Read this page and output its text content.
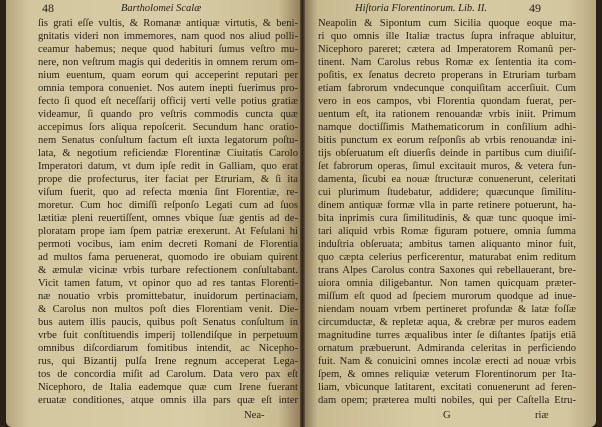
48	Bartholomei Scalæ
ſis grati eſſe vultis, & Romanæ antiquæ virtutis, & beni-
gnitatis videri non immemores, nam quod nos aliud polli-
ceamur habemus; neque quod habituri ſumus veſtro mu-
nere, non veſtrum magis qui dederitis in omnem rerum om-
nium euentum, quam eorum qui acceperint reputari per
omnia tempora conueniet. Nos autem inepti fuerimus pro-
fecto ſi quod eſt neceſſarij officij verti velle potius gratiæ
videamur, ſi quando pro veſtris commodis cuncta quæ
accepimus ſors aliqua repoſcerit. Secundum hanc oratio-
nem Senatus conſultum factum eſt iuxta legatorum poſtu-
lata, & negotium reficiendæ Florentinæ Ciuitatis Carolo
Imperatori datum, vt dum ipſe redit in Galliam, quo erat
prope die profecturus, iter faciat per Etruriam, & ſi ita
viſum fuerit, quo ad refecta mœnia ſint Florentiæ, re-
moretur. Cum hoc dimiſſi reſponſo Legati cum ad ſuos
lætitiæ pleni reuertiſſent, omnes vbique ſuæ gentis ad de-
ploratam prope iam ſpem patriæ erexerunt. At Feſulani hi
permoti vocibus, iam enim decreti Romani de Florentia
ad multos fama peruenerat, quomodo ire obuiam quirent
& æmulæ vicinæ vrbis turbare refectionem conſultabant.
Vicit tamen fatum, vt opinor quo ad res tantas Florenti-
næ nouatio vrbis promittebatur, inuidorum pertinaciam,
& Carolus non multos poſt dies Florentiam venit. Die-
bus autem illis paucis, quibus poſt Senatus conſultum in
vrbe fuit conſtituendis imperij tollendiſque in perpetuum
omnibus diſcordiarum fomitibus intendit, ac Nicepho-
rus, qui Bizantij pulſa Irene regnum acceperat Lega-
tos de concordia miſit ad Carolum. Data vero pax eſt
Nicephoro, de Italia eademque quæ cum Irene fuerant
eruatæ conditiones, atque omnis illa pars quæ eſt inter
Nea-
Hiſtoria Florentinorum. Lib. II.	49
Neapolin & Sipontum cum Sicilia quoque eoque ma-
ri quo omnis ille Italiæ tractus ſupra infraque abluitur,
Nicephoro pareret; cætera ad Imperatorem Romanũ per-
tinent. Nam Carolus rebus Romæ ex ſententia ita com-
poſitis, ex ſenatus decreto properans in Etruriam turbam
etiam fabrorum vndecunque conquiſitam accerſiuit. Cum
vero in eos campos, vbi Florentia quondam fuerat, per-
uentum eſt, ita rationem renouandæ vrbis iniit. Primum
namque doctiſſimis Mathematicorum in conſilium adhi-
bitis punctum ex eorum reſponſis ab vrbis renouandæ ini-
tijs obſeruatum eſt diuerſis deinde in partibus cum diuiſiſ-
ſet fabrorum operas, ſimul excitauit muros, & vetera fun-
damenta, ſicubi ea nouæ ſtructuræ conuenerunt, celeritati
cui plurimum ſtudebatur, addidere; quæcunque ſimilitu-
dinem antiquæ formæ vlla in parte retinere potuerunt, ha-
bita inprimis cura ſimilitudinis, & quæ tunc quoque imi-
tari aliquid vrbis Romæ figuram potuere, omnia ſumma
induſtria obſeruata; ambitus tamen aliquanto minor fuit,
quo cæpta celerius perficerentur, maturabat enim reditum
trans Alpes Carolus contra Saxones qui rebellauerant, bre-
uiora omnia diligebantur. Non tamen quicquam præter-
miſſum eſt quod ad ſpeciem murorum quodque ad inue-
niendam nouam vrbem pertineret profundæ & latæ foſſæ
circumductæ, & repletæ aqua, & crebræ per muros eadem
magnitudine turres æqualibus inter ſe diſtantes ſpatijs etiã
ornatum præbuerunt. Admiranda celeritas in perficiendo
fuit. Nam & conuicini omnes incolæ erecti ad nouæ vrbis
ſpem, & omnes reliquiæ veterum Florentinorum per Ita-
liam, vbicunque latitarent, excitati conuenerunt ad feren-
dam opem; præterea multi nobiles, qui per Caſtella Etru-
G	riæ
